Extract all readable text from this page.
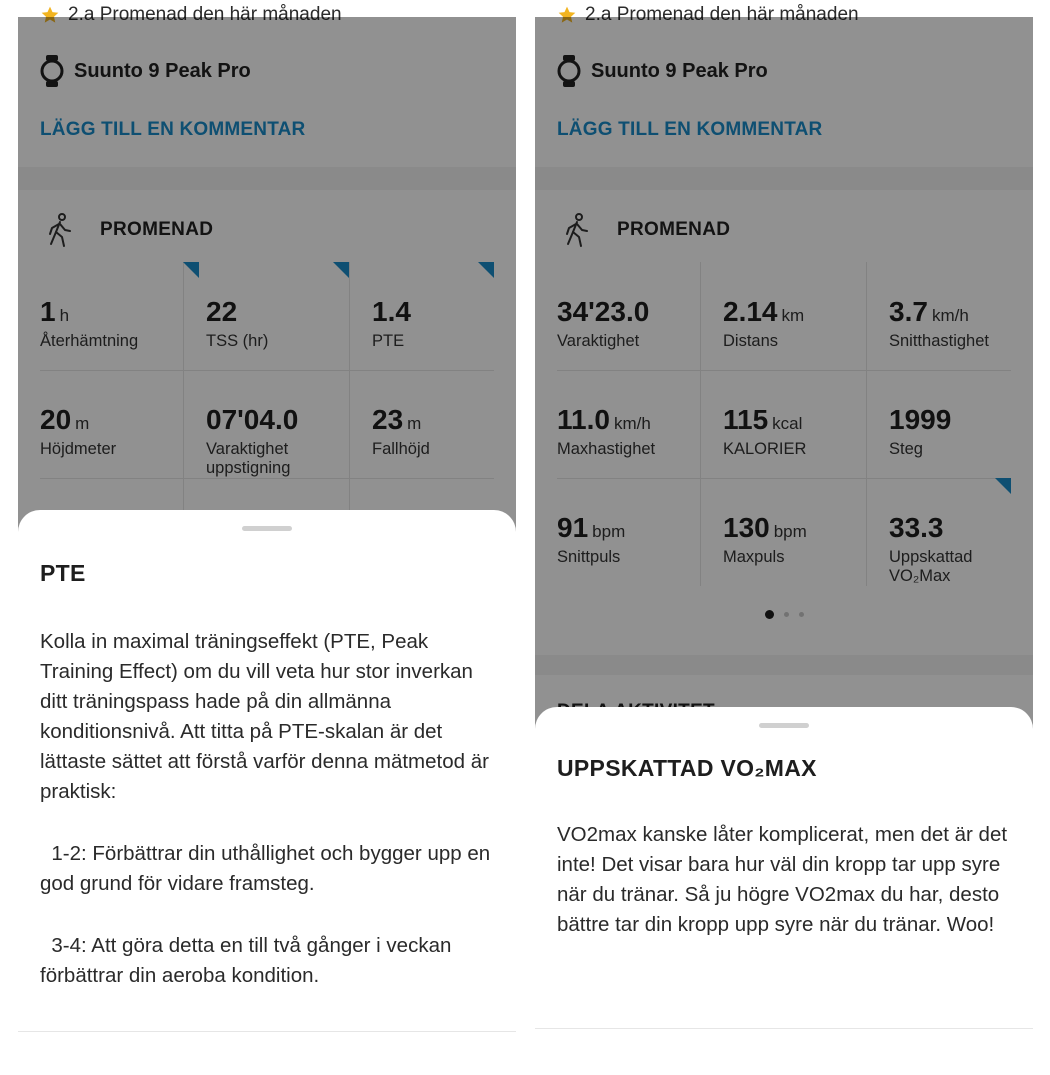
2.a Promenad den här månaden
Suunto 9 Peak Pro
LÄGG TILL EN KOMMENTAR
PROMENAD
1 h
Återhämtning
22
TSS (hr)
1.4
PTE
20 m
Höjdmeter
07'04.0
Varaktighet uppstigning
23 m
Fallhöjd
PTE

Kolla in maximal träningseffekt (PTE, Peak Training Effect) om du vill veta hur stor inverkan ditt träningspass hade på din allmänna konditionsnivå. Att titta på PTE-skalan är det lättaste sättet att förstå varför denna mätmetod är praktisk:

1-2: Förbättrar din uthållighet och bygger upp en god grund för vidare framsteg.

3-4: Att göra detta en till två gånger i veckan förbättrar din aeroba kondition.

2.a Promenad den här månaden
Suunto 9 Peak Pro
LÄGG TILL EN KOMMENTAR
PROMENAD
34'23.0
Varaktighet
2.14 km
Distans
3.7 km/h
Snitthastighet
11.0 km/h
Maxhastighet
115 kcal
KALORIER
1999
Steg
91 bpm
Snittpuls
130 bpm
Maxpuls
33.3
Uppskattad VO₂Max
UPPSKATTAD VO₂MAX

VO2max kanske låter komplicerat, men det är det inte! Det visar bara hur väl din kropp tar upp syre när du tränar. Så ju högre VO2max du har, desto bättre tar din kropp upp syre när du tränar. Woo!
